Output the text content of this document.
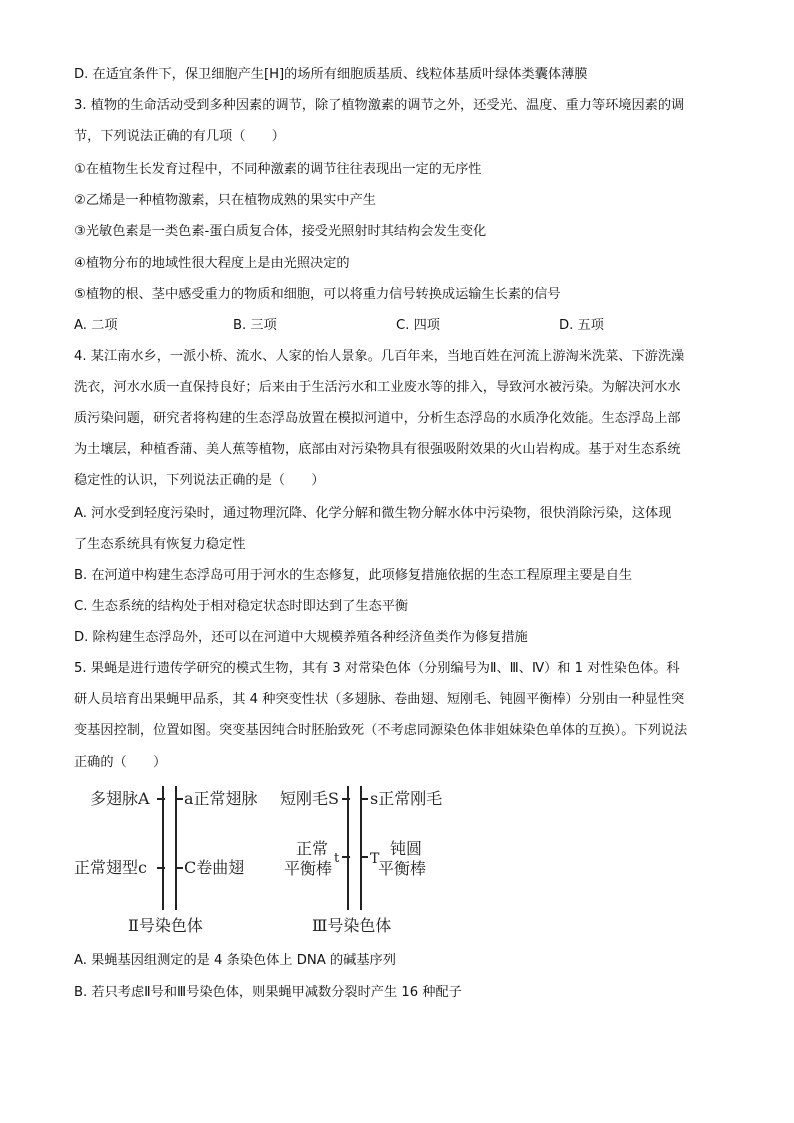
D. 在适宜条件下，保卫细胞产生[H]的场所有细胞质基质、线粒体基质叶绿体类囊体薄膜
3. 植物的生命活动受到多种因素的调节，除了植物激素的调节之外，还受光、温度、重力等环境因素的调
节，下列说法正确的有几项（　　）
①在植物生长发育过程中，不同种激素的调节往往表现出一定的无序性
②乙烯是一种植物激素，只在植物成熟的果实中产生
③光敏色素是一类色素-蛋白质复合体，接受光照射时其结构会发生变化
④植物分布的地域性很大程度上是由光照决定的
⑤植物的根、茎中感受重力的物质和细胞，可以将重力信号转换成运输生长素的信号
A. 二项	B. 三项	C. 四项	D. 五项
4. 某江南水乡，一派小桥、流水、人家的怡人景象。几百年来，当地百姓在河流上游淘米洗菜、下游洗澡
洗衣，河水水质一直保持良好；后来由于生活污水和工业废水等的排入，导致河水被污染。为解决河水水
质污染问题，研究者将构建的生态浮岛放置在模拟河道中，分析生态浮岛的水质净化效能。生态浮岛上部
为土壤层，种植香蒲、美人蕉等植物，底部由对污染物具有很强吸附效果的火山岩构成。基于对生态系统
稳定性的认识，下列说法正确的是（　　）
A. 河水受到轻度污染时，通过物理沉降、化学分解和微生物分解水体中污染物，很快消除污染，这体现
了生态系统具有恢复力稳定性
B. 在河道中构建生态浮岛可用于河水的生态修复，此项修复措施依据的生态工程原理主要是自生
C. 生态系统的结构处于相对稳定状态时即达到了生态平衡
D. 除构建生态浮岛外，还可以在河道中大规模养殖各种经济鱼类作为修复措施
5. 果蝇是进行遗传学研究的模式生物，其有 3 对常染色体（分别编号为Ⅱ、Ⅲ、Ⅳ）和 1 对性染色体。科
研人员培育出果蝇甲品系，其 4 种突变性状（多翅脉、卷曲翅、短刚毛、钝圆平衡棒）分别由一种显性突
变基因控制，位置如图。突变基因纯合时胚胎致死（不考虑同源染色体非姐妹染色单体的互换）。下列说法
正确的（　　）
多翅脉A a正常翅脉
正常翅型c C卷曲翅
Ⅱ号染色体
短刚毛S s正常刚毛
正常
平衡棒
t T
钝圆
平衡棒
Ⅲ号染色体
A. 果蝇基因组测定的是 4 条染色体上 DNA 的碱基序列
B. 若只考虑Ⅱ号和Ⅲ号染色体，则果蝇甲减数分裂时产生 16 种配子
